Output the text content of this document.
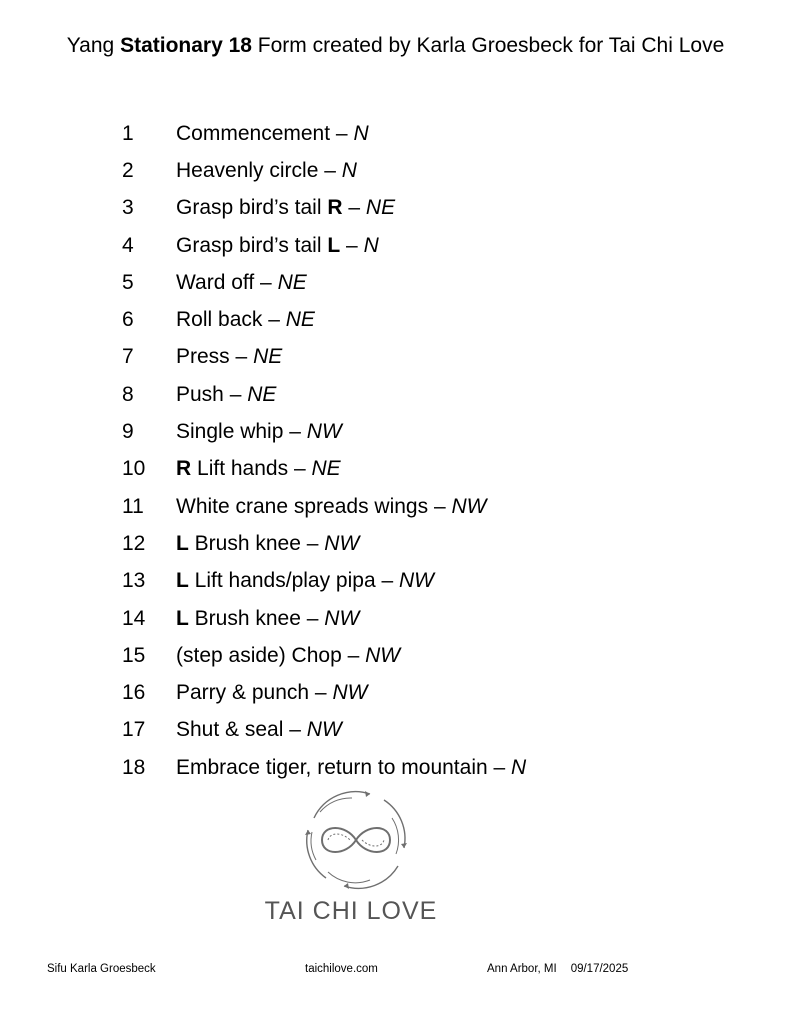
Yang Stationary 18 Form created by Karla Groesbeck for Tai Chi Love
1	Commencement – N
2	Heavenly circle – N
3	Grasp bird’s tail R – NE
4	Grasp bird’s tail L – N
5	Ward off – NE
6	Roll back – NE
7	Press – NE
8	Push – NE
9	Single whip – NW
10	R Lift hands – NE
11	White crane spreads wings – NW
12	L Brush knee – NW
13	L Lift hands/play pipa – NW
14	L Brush knee – NW
15	(step aside) Chop – NW
16	Parry & punch – NW
17	Shut & seal – NW
18	Embrace tiger, return to mountain – N
TAI CHI LOVE
Sifu Karla Groesbeck	taichilove.com	Ann Arbor, MI 09/17/2025
